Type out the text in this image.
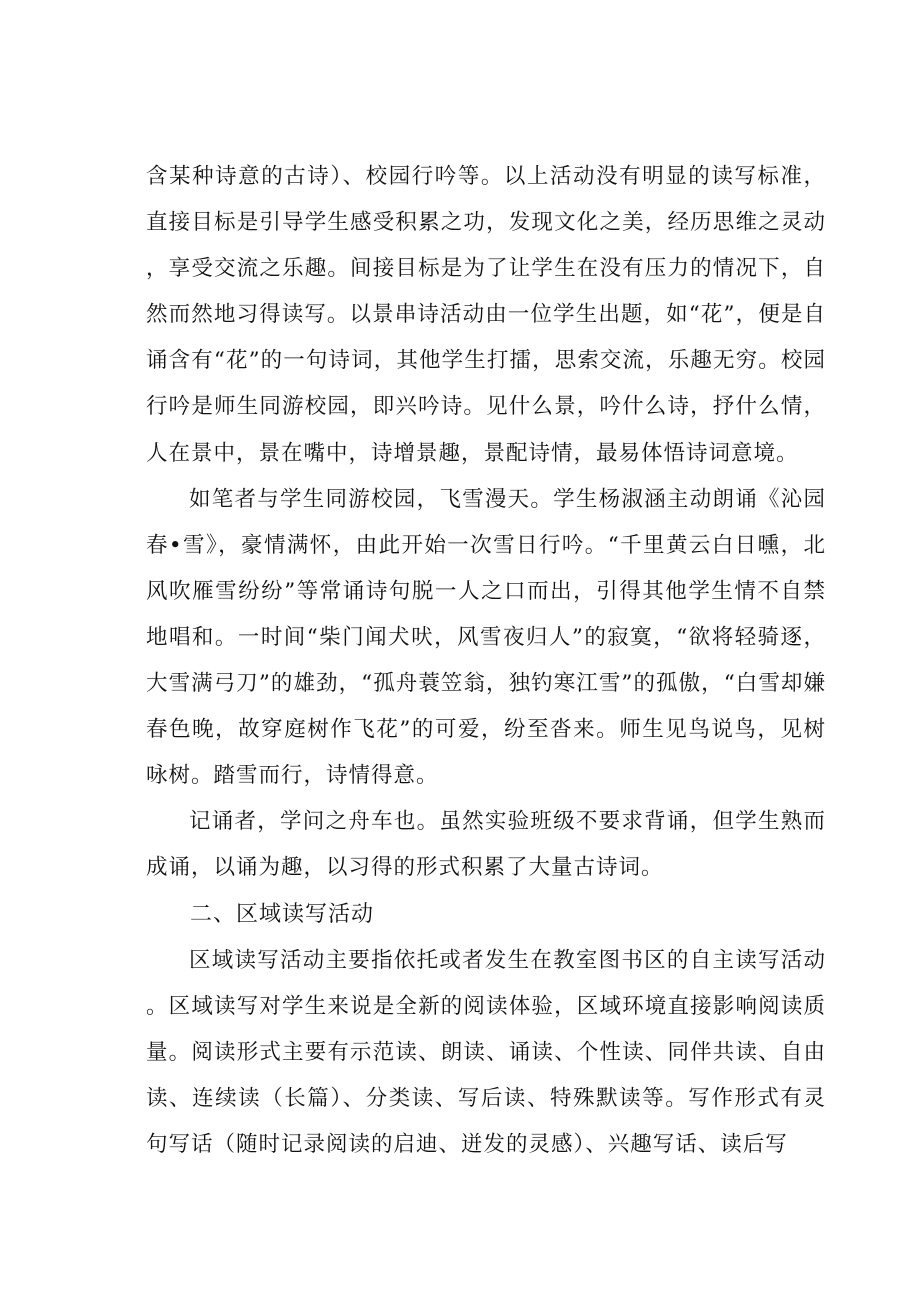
含某种诗意的古诗）、校园行吟等。以上活动没有明显的读写标准，直接目标是引导学生感受积累之功，发现文化之美，经历思维之灵动，享受交流之乐趣。间接目标是为了让学生在没有压力的情况下，自然而然地习得读写。以景串诗活动由一位学生出题，如“花”，便是自诵含有“花”的一句诗词，其他学生打擂，思索交流，乐趣无穷。校园行吟是师生同游校园，即兴吟诗。见什么景，吟什么诗，抒什么情，人在景中，景在嘴中，诗增景趣，景配诗情，最易体悟诗词意境。

如笔者与学生同游校园，飞雪漫天。学生杨淑涵主动朗诵《沁园春•雪》，豪情满怀，由此开始一次雪日行吟。“千里黄云白日曛，北风吹雁雪纷纷”等常诵诗句脱一人之口而出，引得其他学生情不自禁地唱和。一时间“柴门闻犬吠，风雪夜归人”的寂寞，“欲将轻骑逐，大雪满弓刀”的雄劲，“孤舟蓑笠翁，独钓寒江雪”的孤傲，“白雪却嫌春色晚，故穿庭树作飞花”的可爱，纷至沓来。师生见鸟说鸟，见树咏树。踏雪而行，诗情得意。

记诵者，学问之舟车也。虽然实验班级不要求背诵，但学生熟而成诵，以诵为趣，以习得的形式积累了大量古诗词。

二、区域读写活动

区域读写活动主要指依托或者发生在教室图书区的自主读写活动。区域读写对学生来说是全新的阅读体验，区域环境直接影响阅读质量。阅读形式主要有示范读、朗读、诵读、个性读、同伴共读、自由读、连续读（长篇）、分类读、写后读、特殊默读等。写作形式有灵句写话（随时记录阅读的启迪、迸发的灵感）、兴趣写话、读后写
